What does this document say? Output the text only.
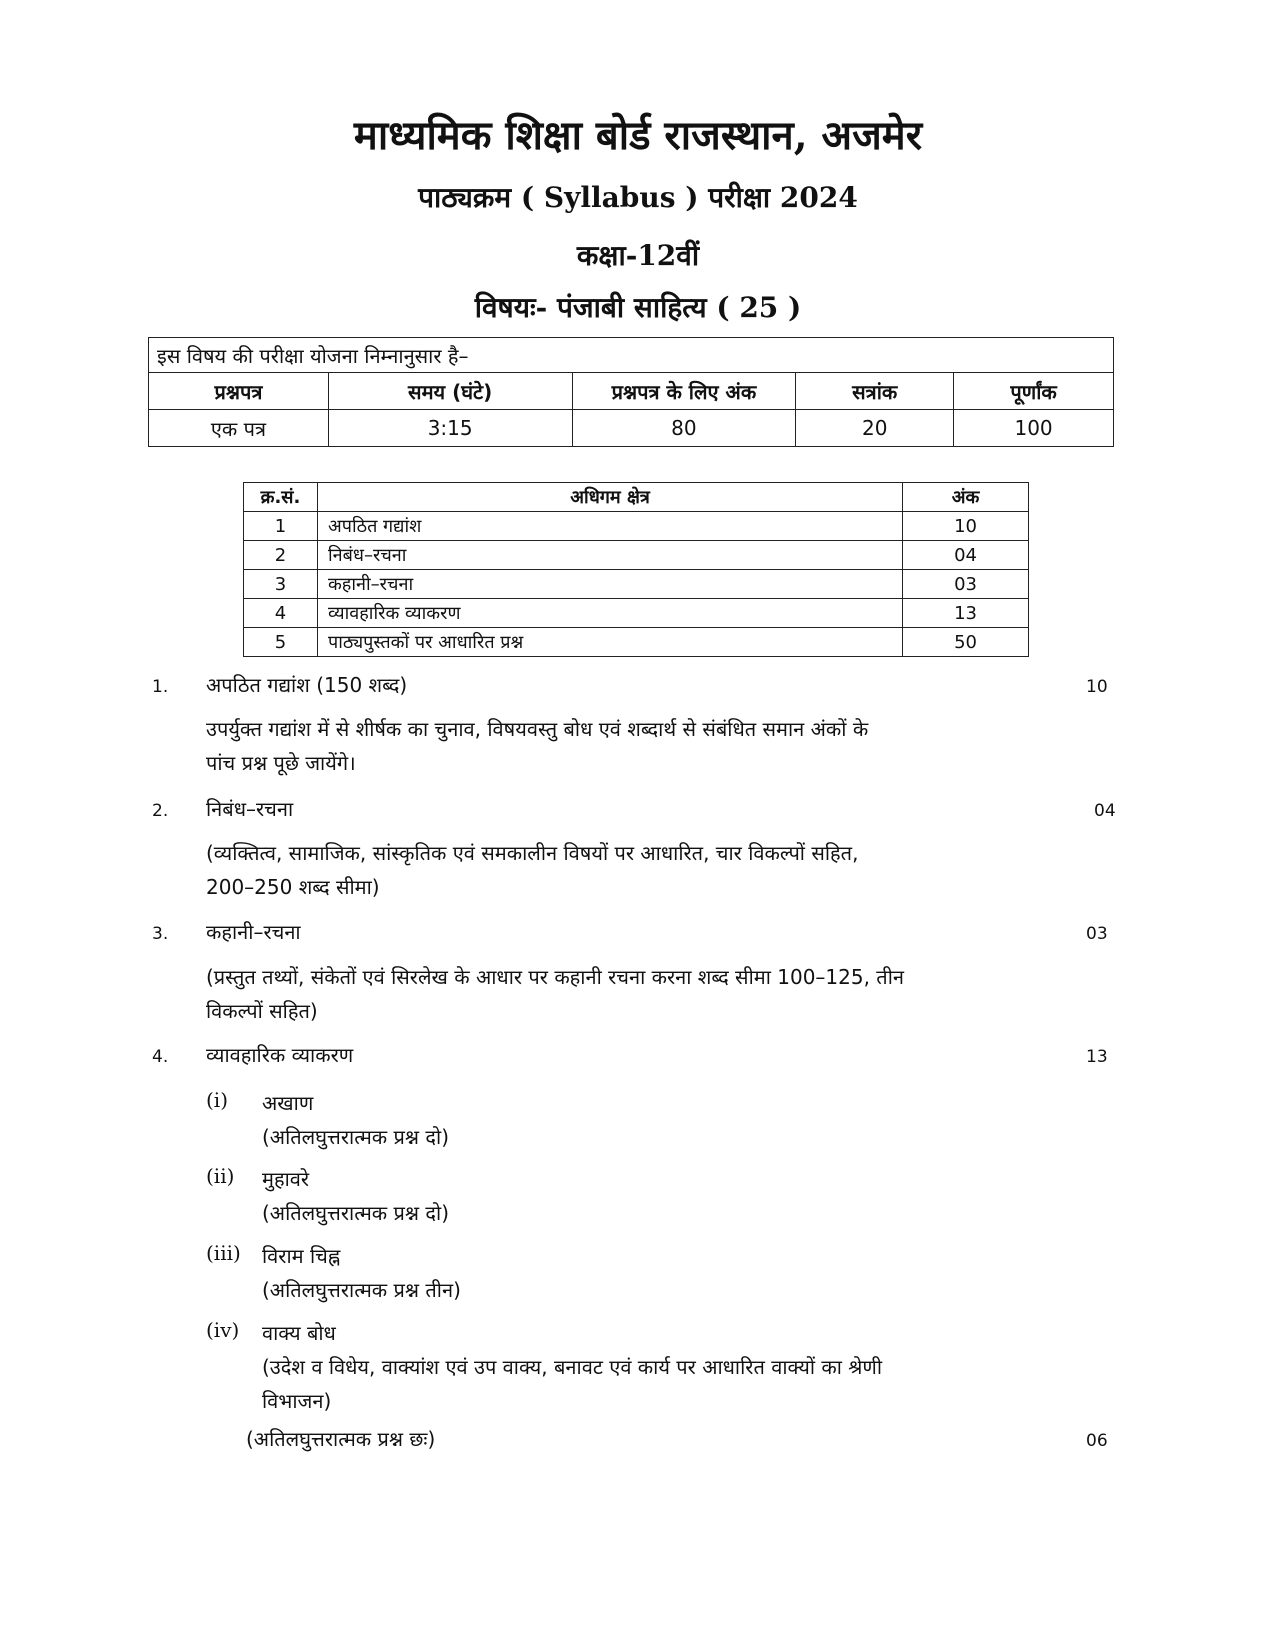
माध्यमिक शिक्षा बोर्ड राजस्थान, अजमेर
पाठ्यक्रम ( Syllabus ) परीक्षा 2024
कक्षा-12वीं
विषयः- पंजाबी साहित्य ( 25 )
इस विषय की परीक्षा योजना निम्नानुसार है–				
प्रश्नपत्र	समय (घंटे)	प्रश्नपत्र के लिए अंक	सत्रांक	पूर्णांक
एक पत्र	3:15	80	20	100
क्र.सं.	अधिगम क्षेत्र	अंक
1	अपठित गद्यांश	10
2	निबंध–रचना	04
3	कहानी–रचना	03
4	व्यावहारिक व्याकरण	13
5	पाठ्यपुस्तकों पर आधारित प्रश्न	50
1. अपठित गद्यांश (150 शब्द)	10
उपर्युक्त गद्यांश में से शीर्षक का चुनाव, विषयवस्तु बोध एवं शब्दार्थ से संबंधित समान अंकों के
पांच प्रश्न पूछे जायेंगे।
2. निबंध–रचना	04
(व्यक्तित्व, सामाजिक, सांस्कृतिक एवं समकालीन विषयों पर आधारित, चार विकल्पों सहित,
200–250 शब्द सीमा)
3. कहानी–रचना	03
(प्रस्तुत तथ्यों, संकेतों एवं सिरलेख के आधार पर कहानी रचना करना शब्द सीमा 100–125, तीन
विकल्पों सहित)
4. व्यावहारिक व्याकरण	13
(i) अखाण
(अतिलघुत्तरात्मक प्रश्न दो)
(ii) मुहावरे
(अतिलघुत्तरात्मक प्रश्न दो)
(iii) विराम चिह्न
(अतिलघुत्तरात्मक प्रश्न तीन)
(iv) वाक्य बोध
(उदेश व विधेय, वाक्यांश एवं उप वाक्य, बनावट एवं कार्य पर आधारित वाक्यों का श्रेणी
विभाजन)
(अतिलघुत्तरात्मक प्रश्न छः)	06
